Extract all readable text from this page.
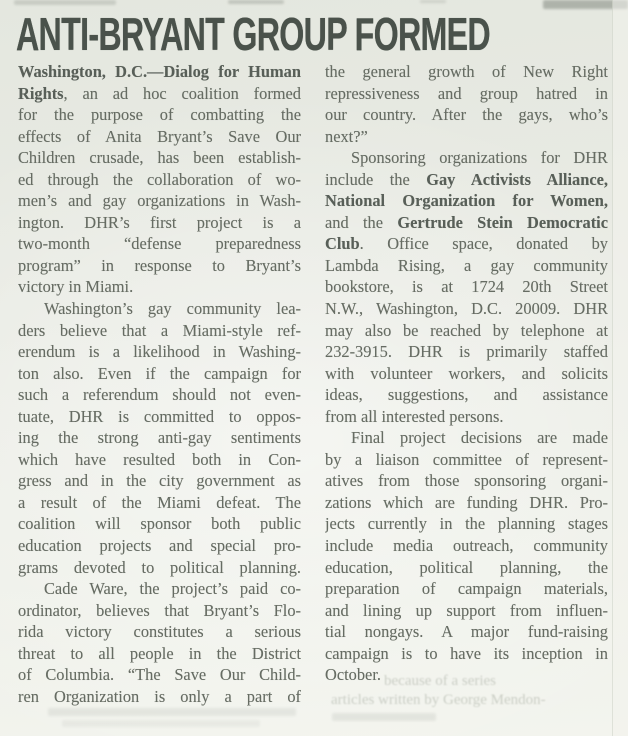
ANTI-BRYANT GROUP FORMED
Washington, D.C.—Dialog for Human
Rights, an ad hoc coalition formed
for the purpose of combatting the
effects of Anita Bryant’s Save Our
Children crusade, has been establish-
ed through the collaboration of wo-
men’s and gay organizations in Wash-
ington. DHR’s first project is a
two-month “defense preparedness
program” in response to Bryant’s
victory in Miami.
Washington’s gay community lea-
ders believe that a Miami-style ref-
erendum is a likelihood in Washing-
ton also. Even if the campaign for
such a referendum should not even-
tuate, DHR is committed to oppos-
ing the strong anti-gay sentiments
which have resulted both in Con-
gress and in the city government as
a result of the Miami defeat. The
coalition will sponsor both public
education projects and special pro-
grams devoted to political planning.
Cade Ware, the project’s paid co-
ordinator, believes that Bryant’s Flo-
rida victory constitutes a serious
threat to all people in the District
of Columbia. “The Save Our Child-
ren Organization is only a part of
the general growth of New Right
repressiveness and group hatred in
our country. After the gays, who’s
next?”
Sponsoring organizations for DHR
include the Gay Activists Alliance,
National Organization for Women,
and the Gertrude Stein Democratic
Club. Office space, donated by
Lambda Rising, a gay community
bookstore, is at 1724 20th Street
N.W., Washington, D.C. 20009. DHR
may also be reached by telephone at
232-3915. DHR is primarily staffed
with volunteer workers, and solicits
ideas, suggestions, and assistance
from all interested persons.
Final project decisions are made
by a liaison committee of represent-
atives from those sponsoring organi-
zations which are funding DHR. Pro-
jects currently in the planning stages
include media outreach, community
education, political planning, the
preparation of campaign materials,
and lining up support from influen-
tial nongays. A major fund-raising
campaign is to have its inception in
October. because of a series
articles written by George Mendon-
